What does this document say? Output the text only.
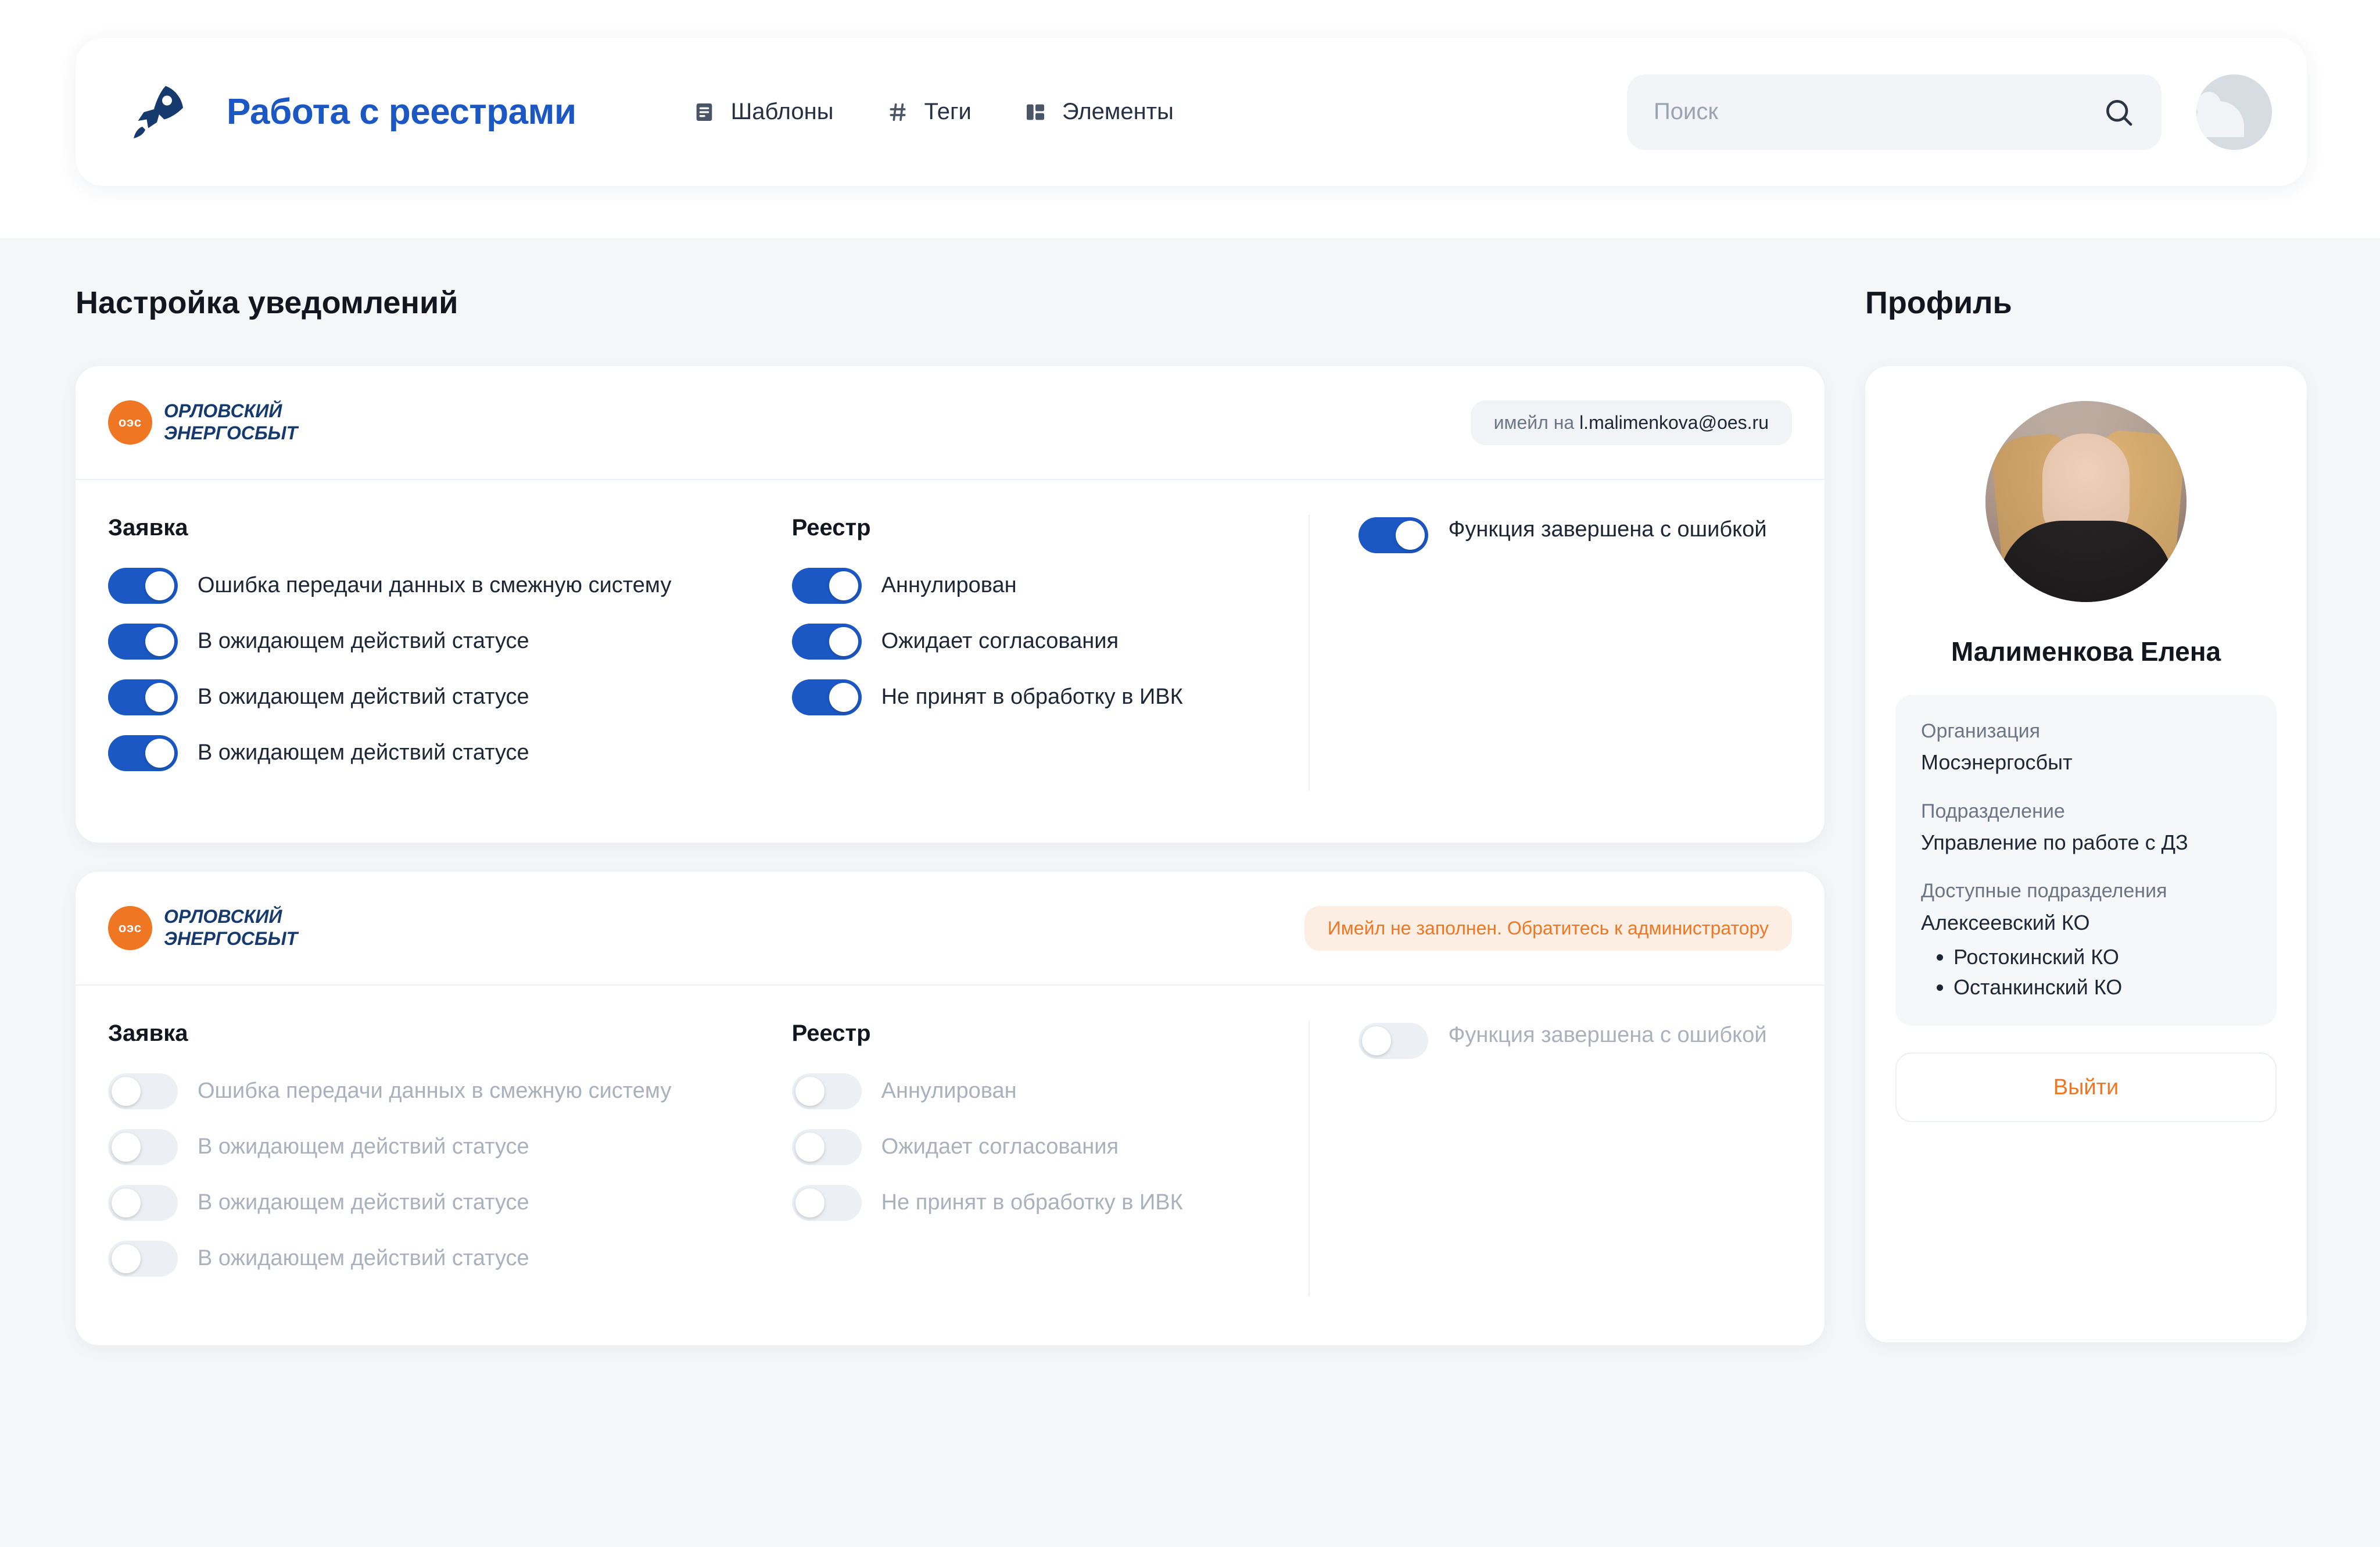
Работа с реестрами	Шаблоны	Теги	Элементы
Поиск
Настройка уведомлений	Профиль
оэс
ОРЛОВСКИЙ
ЭНЕРГОСБЫТ
имейл на l.malimenkova@oes.ru
Заявка
Ошибка передачи данных в смежную систему
В ожидающем действий статусе
В ожидающем действий статусе
В ожидающем действий статусе
Реестр
Аннулирован
Ожидает согласования
Не принят в обработку в ИВК
Функция завершена с ошибкой
оэс
ОРЛОВСКИЙ
ЭНЕРГОСБЫТ
Имейл не заполнен. Обратитесь к администратору
Заявка
Ошибка передачи данных в смежную систему
В ожидающем действий статусе
В ожидающем действий статусе
В ожидающем действий статусе
Реестр
Аннулирован
Ожидает согласования
Не принят в обработку в ИВК
Функция завершена с ошибкой
Малименкова Елена
Организация
Мосэнергосбыт
Подразделение
Управление по работе с ДЗ
Доступные подразделения
Алексеевский КО
• Ростокинский КО
• Останкинский КО
Выйти
